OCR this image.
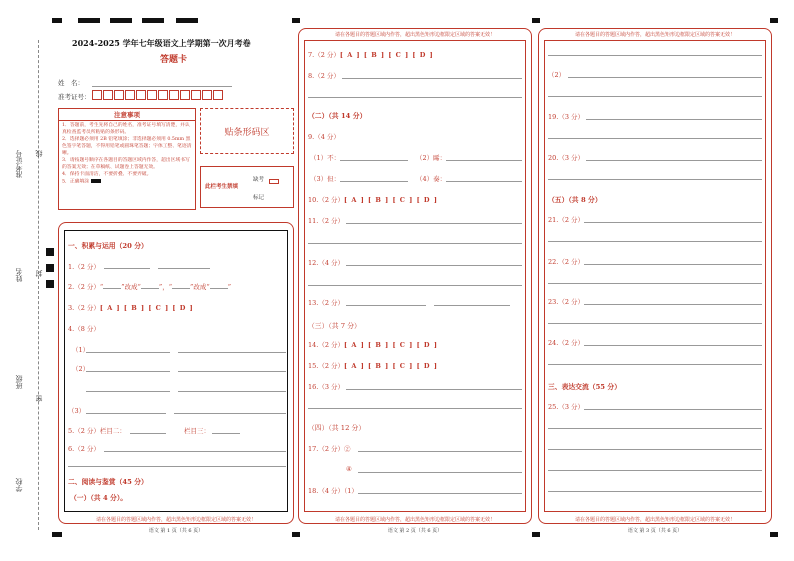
准考证号 线
姓名 封
班级
密
学校
2024-2025 学年七年级语文上学期第一次月考卷
答题卡
姓　名：
准考证号：
注意事项
1．答题前，考生先将自己的姓名，准考证号填写清楚，并认真检查监考员所粘贴的条形码。
2．选择题必须用 2B 铅笔填涂；非选择题必须用 0.5mm 黑色签字笔答题，不得用铅笔或圆珠笔答题；字体工整、笔迹清晰。
3．请按题号顺序在各题目的答题区域内作答，超出区域书写的答案无效；在草稿纸、试题卷上答题无效。
4．保持卡面清洁，不要折叠、不要弄破。
5．正确填涂
贴条形码区
此栏考生禁填
缺考
标记
一、积累与运用（20 分）
1.（2 分）
2.（2 分）“	”改成“	”，“	”改成“	”
3.（2 分）[ A ] [ B ] [ C ] [ D ]
4.（8 分）
（1）
（2）
（3）
5.（2 分）栏目二：	栏目三：
6.（2 分）
二、阅读与鉴赏（45 分）
（一）（共 4 分）。
请在各题目的答题区域内作答，超出黑色矩形边框限定区域的答案无效！
语文 第 1 页（共 6 页）
请在各题目的答题区域内作答，超出黑色矩形边框限定区域的答案无效！
7.（2 分）[ A ] [ B ] [ C ] [ D ]
8.（2 分）
（二）（共 14 分）
9.（4 分）
（1）不：	（2）睎：
（3）但：	（4）奏：
10.（2 分）[ A ] [ B ] [ C ] [ D ]
11.（2 分）
12.（4 分）
13.（2 分）
（三）（共 7 分）
14.（2 分）[ A ] [ B ] [ C ] [ D ]
15.（2 分）[ A ] [ B ] [ C ] [ D ]
16.（3 分）
（四）（共 12 分）
17.（2 分）②
④
18.（4 分）（1）
请在各题目的答题区域内作答，超出黑色矩形边框限定区域的答案无效！
语文 第 2 页（共 6 页）
请在各题目的答题区域内作答，超出黑色矩形边框限定区域的答案无效！
（2）
19.（3 分）
20.（3 分）
（五）（共 8 分）
21.（2 分）
22.（2 分）
23.（2 分）
24.（2 分）
三、表达交流（55 分）
25.（3 分）
请在各题目的答题区域内作答，超出黑色矩形边框限定区域的答案无效！
语文 第 3 页（共 6 页）
